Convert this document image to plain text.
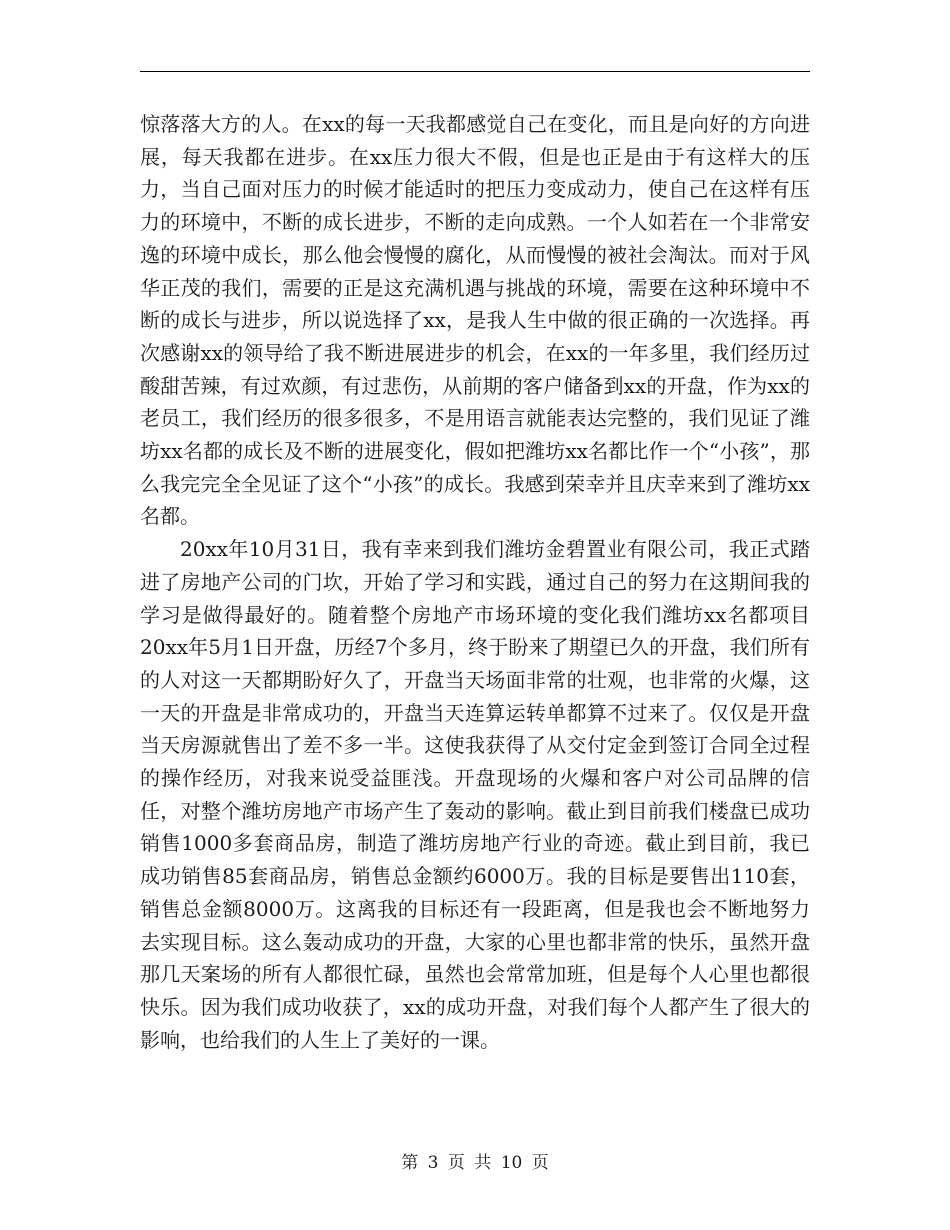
惊落落大方的人。在xx的每一天我都感觉自己在变化，而且是向好的方向进展，每天我都在进步。在xx压力很大不假，但是也正是由于有这样大的压力，当自己面对压力的时候才能适时的把压力变成动力，使自己在这样有压力的环境中，不断的成长进步，不断的走向成熟。一个人如若在一个非常安逸的环境中成长，那么他会慢慢的腐化，从而慢慢的被社会淘汰。而对于风华正茂的我们，需要的正是这充满机遇与挑战的环境，需要在这种环境中不断的成长与进步，所以说选择了xx，是我人生中做的很正确的一次选择。再次感谢xx的领导给了我不断进展进步的机会，在xx的一年多里，我们经历过酸甜苦辣，有过欢颜，有过悲伤，从前期的客户储备到xx的开盘，作为xx的老员工，我们经历的很多很多，不是用语言就能表达完整的，我们见证了潍坊xx名都的成长及不断的进展变化，假如把潍坊xx名都比作一个“小孩”，那么我完完全全见证了这个“小孩”的成长。我感到荣幸并且庆幸来到了潍坊xx名都。

20xx年10月31日，我有幸来到我们潍坊金碧置业有限公司，我正式踏进了房地产公司的门坎，开始了学习和实践，通过自己的努力在这期间我的学习是做得最好的。随着整个房地产市场环境的变化我们潍坊xx名都项目20xx年5月1日开盘，历经7个多月，终于盼来了期望已久的开盘，我们所有的人对这一天都期盼好久了，开盘当天场面非常的壮观，也非常的火爆，这一天的开盘是非常成功的，开盘当天连算运转单都算不过来了。仅仅是开盘当天房源就售出了差不多一半。这使我获得了从交付定金到签订合同全过程的操作经历，对我来说受益匪浅。开盘现场的火爆和客户对公司品牌的信任，对整个潍坊房地产市场产生了轰动的影响。截止到目前我们楼盘已成功销售1000多套商品房，制造了潍坊房地产行业的奇迹。截止到目前，我已成功销售85套商品房，销售总金额约6000万。我的目标是要售出110套，销售总金额8000万。这离我的目标还有一段距离，但是我也会不断地努力去实现目标。这么轰动成功的开盘，大家的心里也都非常的快乐，虽然开盘那几天案场的所有人都很忙碌，虽然也会常常加班，但是每个人心里也都很快乐。因为我们成功收获了，xx的成功开盘，对我们每个人都产生了很大的影响，也给我们的人生上了美好的一课。

第 3 页 共 10 页
